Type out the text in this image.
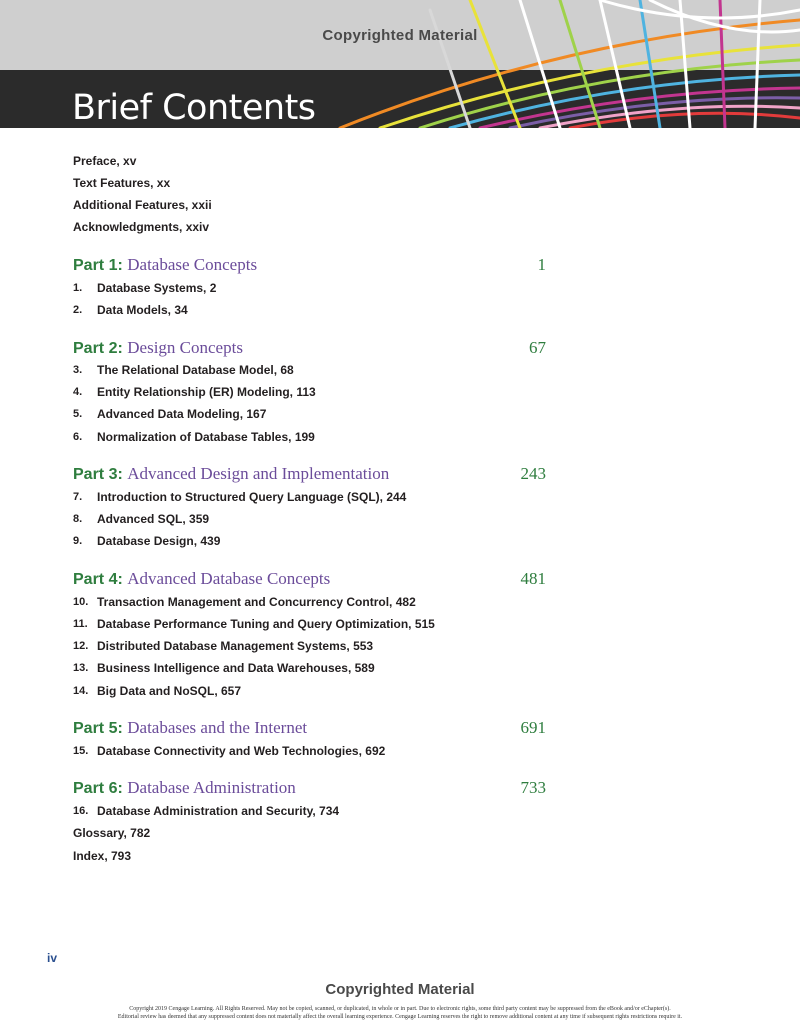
Copyrighted Material
Brief Contents
Preface, xv
Text Features, xx
Additional Features, xxii
Acknowledgments, xxiv
Part 1: Database Concepts	1
1. Database Systems, 2
2. Data Models, 34
Part 2: Design Concepts	67
3. The Relational Database Model, 68
4. Entity Relationship (ER) Modeling, 113
5. Advanced Data Modeling, 167
6. Normalization of Database Tables, 199
Part 3: Advanced Design and Implementation	243
7. Introduction to Structured Query Language (SQL), 244
8. Advanced SQL, 359
9. Database Design, 439
Part 4: Advanced Database Concepts	481
10. Transaction Management and Concurrency Control, 482
11. Database Performance Tuning and Query Optimization, 515
12. Distributed Database Management Systems, 553
13. Business Intelligence and Data Warehouses, 589
14. Big Data and NoSQL, 657
Part 5: Databases and the Internet	691
15. Database Connectivity and Web Technologies, 692
Part 6: Database Administration	733
16. Database Administration and Security, 734
Glossary, 782
Index, 793
iv
Copyrighted Material
Copyright 2019 Cengage Learning. All Rights Reserved. May not be copied, scanned, or duplicated, in whole or in part. Due to electronic rights, some third party content may be suppressed from the eBook and/or eChapter(s).
Editorial review has deemed that any suppressed content does not materially affect the overall learning experience. Cengage Learning reserves the right to remove additional content at any time if subsequent rights restrictions require it.
